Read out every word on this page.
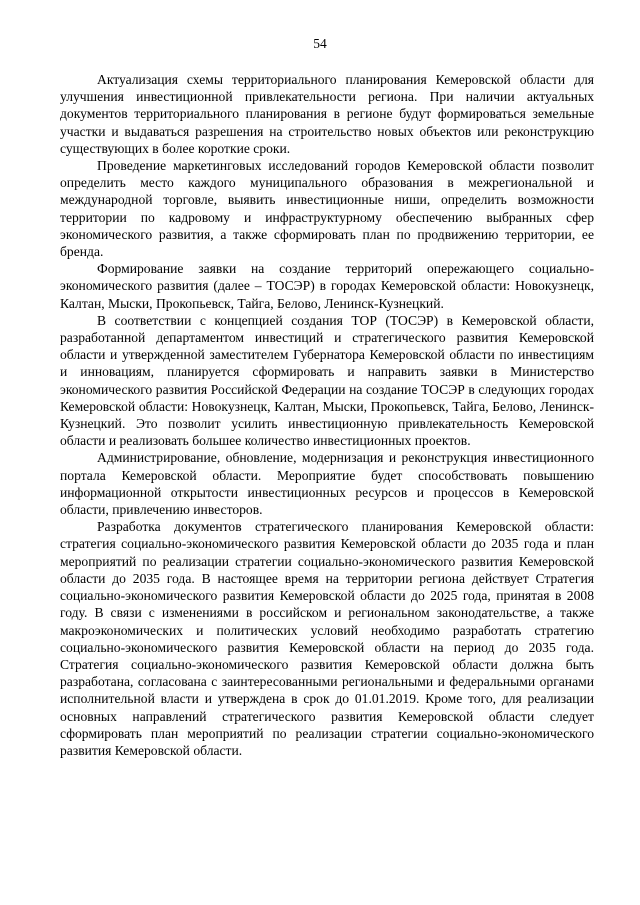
54

Актуализация схемы территориального планирования Кемеровской области для улучшения инвестиционной привлекательности региона. При наличии актуальных документов территориального планирования в регионе будут формироваться земельные участки и выдаваться разрешения на строительство новых объектов или реконструкцию существующих в более короткие сроки.

Проведение маркетинговых исследований городов Кемеровской области позволит определить место каждого муниципального образования в межрегиональной и международной торговле, выявить инвестиционные ниши, определить возможности территории по кадровому и инфраструктурному обеспечению выбранных сфер экономического развития, а также сформировать план по продвижению территории, ее бренда.

Формирование заявки на создание территорий опережающего социально-экономического развития (далее – ТОСЭР) в городах Кемеровской области: Новокузнецк, Калтан, Мыски, Прокопьевск, Тайга, Белово, Ленинск-Кузнецкий.

В соответствии с концепцией создания ТОР (ТОСЭР) в Кемеровской области, разработанной департаментом инвестиций и стратегического развития Кемеровской области и утвержденной заместителем Губернатора Кемеровской области по инвестициям и инновациям, планируется сформировать и направить заявки в Министерство экономического развития Российской Федерации на создание ТОСЭР в следующих городах Кемеровской области: Новокузнецк, Калтан, Мыски, Прокопьевск, Тайга, Белово, Ленинск-Кузнецкий. Это позволит усилить инвестиционную привлекательность Кемеровской области и реализовать большее количество инвестиционных проектов.

Администрирование, обновление, модернизация и реконструкция инвестиционного портала Кемеровской области. Мероприятие будет способствовать повышению информационной открытости инвестиционных ресурсов и процессов в Кемеровской области, привлечению инвесторов.

Разработка документов стратегического планирования Кемеровской области: стратегия социально-экономического развития Кемеровской области до 2035 года и план мероприятий по реализации стратегии социально-экономического развития Кемеровской области до 2035 года. В настоящее время на территории региона действует Стратегия социально-экономического развития Кемеровской области до 2025 года, принятая в 2008 году. В связи с изменениями в российском и региональном законодательстве, а также макроэкономических и политических условий необходимо разработать стратегию социально-экономического развития Кемеровской области на период до 2035 года. Стратегия социально-экономического развития Кемеровской области должна быть разработана, согласована с заинтересованными региональными и федеральными органами исполнительной власти и утверждена в срок до 01.01.2019. Кроме того, для реализации основных направлений стратегического развития Кемеровской области следует сформировать план мероприятий по реализации стратегии социально-экономического развития Кемеровской области.
